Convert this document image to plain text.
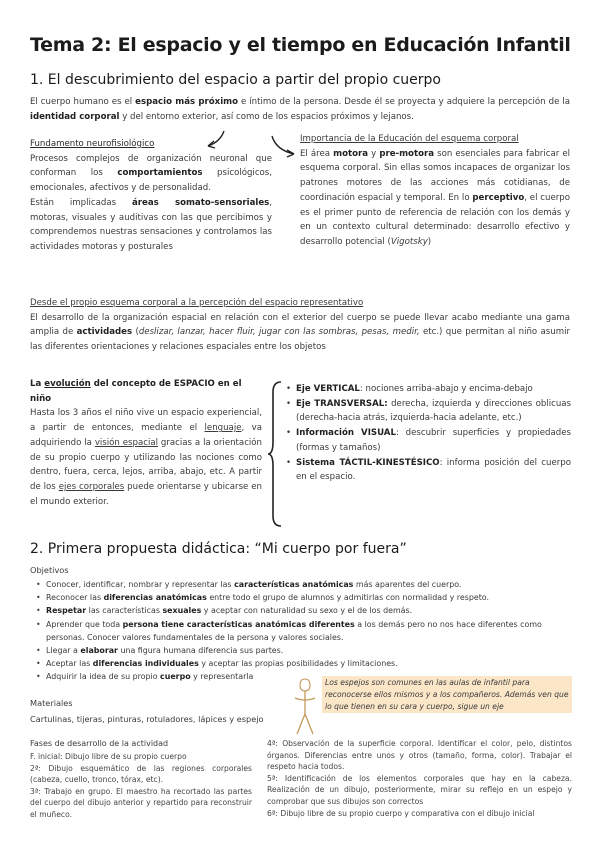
Tema 2: El espacio y el tiempo en Educación Infantil
1. El descubrimiento del espacio a partir del propio cuerpo

El cuerpo humano es el espacio más próximo e íntimo de la persona. Desde él se proyecta y adquiere la percepción de la identidad corporal y del entorno exterior, así como de los espacios próximos y lejanos.

Fundamento neurofisiológico

Procesos complejos de organización neuronal que conforman los comportamientos psicológicos, emocionales, afectivos y de personalidad.

Están implicadas áreas somato-sensoriales, motoras, visuales y auditivas con las que percibimos y comprendemos nuestras sensaciones y controlamos las actividades motoras y posturales

Importancia de la Educación del esquema corporal

El área motora y pre-motora son esenciales para fabricar el esquema corporal. Sin ellas somos incapaces de organizar los patrones motores de las acciones más cotidianas, de coordinación espacial y temporal. En lo perceptivo, el cuerpo es el primer punto de referencia de relación con los demás y en un contexto cultural determinado: desarrollo efectivo y desarrollo potencial (Vigotsky)

Desde el propio esquema corporal a la percepción del espacio representativo

El desarrollo de la organización espacial en relación con el exterior del cuerpo se puede llevar acabo mediante una gama amplia de actividades (deslizar, lanzar, hacer fluir, jugar con las sombras, pesas, medir, etc.) que permitan al niño asumir las diferentes orientaciones y relaciones espaciales entre los objetos

La evolución del concepto de ESPACIO en el niño

Hasta los 3 años el niño vive un espacio experiencial, a partir de entonces, mediante el lenguaje, va adquiriendo la visión espacial gracias a la orientación de su propio cuerpo y utilizando las nociones como dentro, fuera, cerca, lejos, arriba, abajo, etc. A partir de los ejes corporales puede orientarse y ubicarse en el mundo exterior.

• Eje VERTICAL: nociones arriba-abajo y encima-debajo
• Eje TRANSVERSAL: derecha, izquierda y direcciones oblicuas (derecha-hacia atrás, izquierda-hacia adelante, etc.)
• Información VISUAL: descubrir superficies y propiedades (formas y tamaños)
• Sistema TÁCTIL-KINESTÉSICO: informa posición del cuerpo en el espacio.
2. Primera propuesta didáctica: “Mi cuerpo por fuera”
Objetivos
• Conocer, identificar, nombrar y representar las características anatómicas más aparentes del cuerpo.
• Reconocer las diferencias anatómicas entre todo el grupo de alumnos y admitirlas con normalidad y respeto.
• Respetar las características sexuales y aceptar con naturalidad su sexo y el de los demás.
• Aprender que toda persona tiene características anatómicas diferentes a los demás pero no nos hace diferentes como personas. Conocer valores fundamentales de la persona y valores sociales.
• Llegar a elaborar una figura humana diferencia sus partes.
• Aceptar las diferencias individuales y aceptar las propias posibilidades y limitaciones.
• Adquirir la idea de su propio cuerpo y representarla
Los espejos son comunes en las aulas de infantil para reconocerse ellos mismos y a los compañeros. Además ven que lo que tienen en su cara y cuerpo, sigue un eje
Materiales
Cartulinas, tijeras, pinturas, rotuladores, lápices y espejo
Fases de desarrollo de la actividad
F. inicial: Dibujo libre de su propio cuerpo
2ª: Dibujo esquemático de las regiones corporales (cabeza, cuello, tronco, tórax, etc).
3ª: Trabajo en grupo. El maestro ha recortado las partes del cuerpo del dibujo anterior y repartido para reconstruir el muñeco.
4ª: Observación de la superficie corporal. Identificar el color, pelo, distintos órganos. Diferencias entre unos y otros (tamaño, forma, color). Trabajar el respeto hacia todos.
5ª: Identificación de los elementos corporales que hay en la cabeza. Realización de un dibujo, posteriormente, mirar su reflejo en un espejo y comprobar que sus dibujos son correctos
6ª: Dibujo libre de su propio cuerpo y comparativa con el dibujo inicial
